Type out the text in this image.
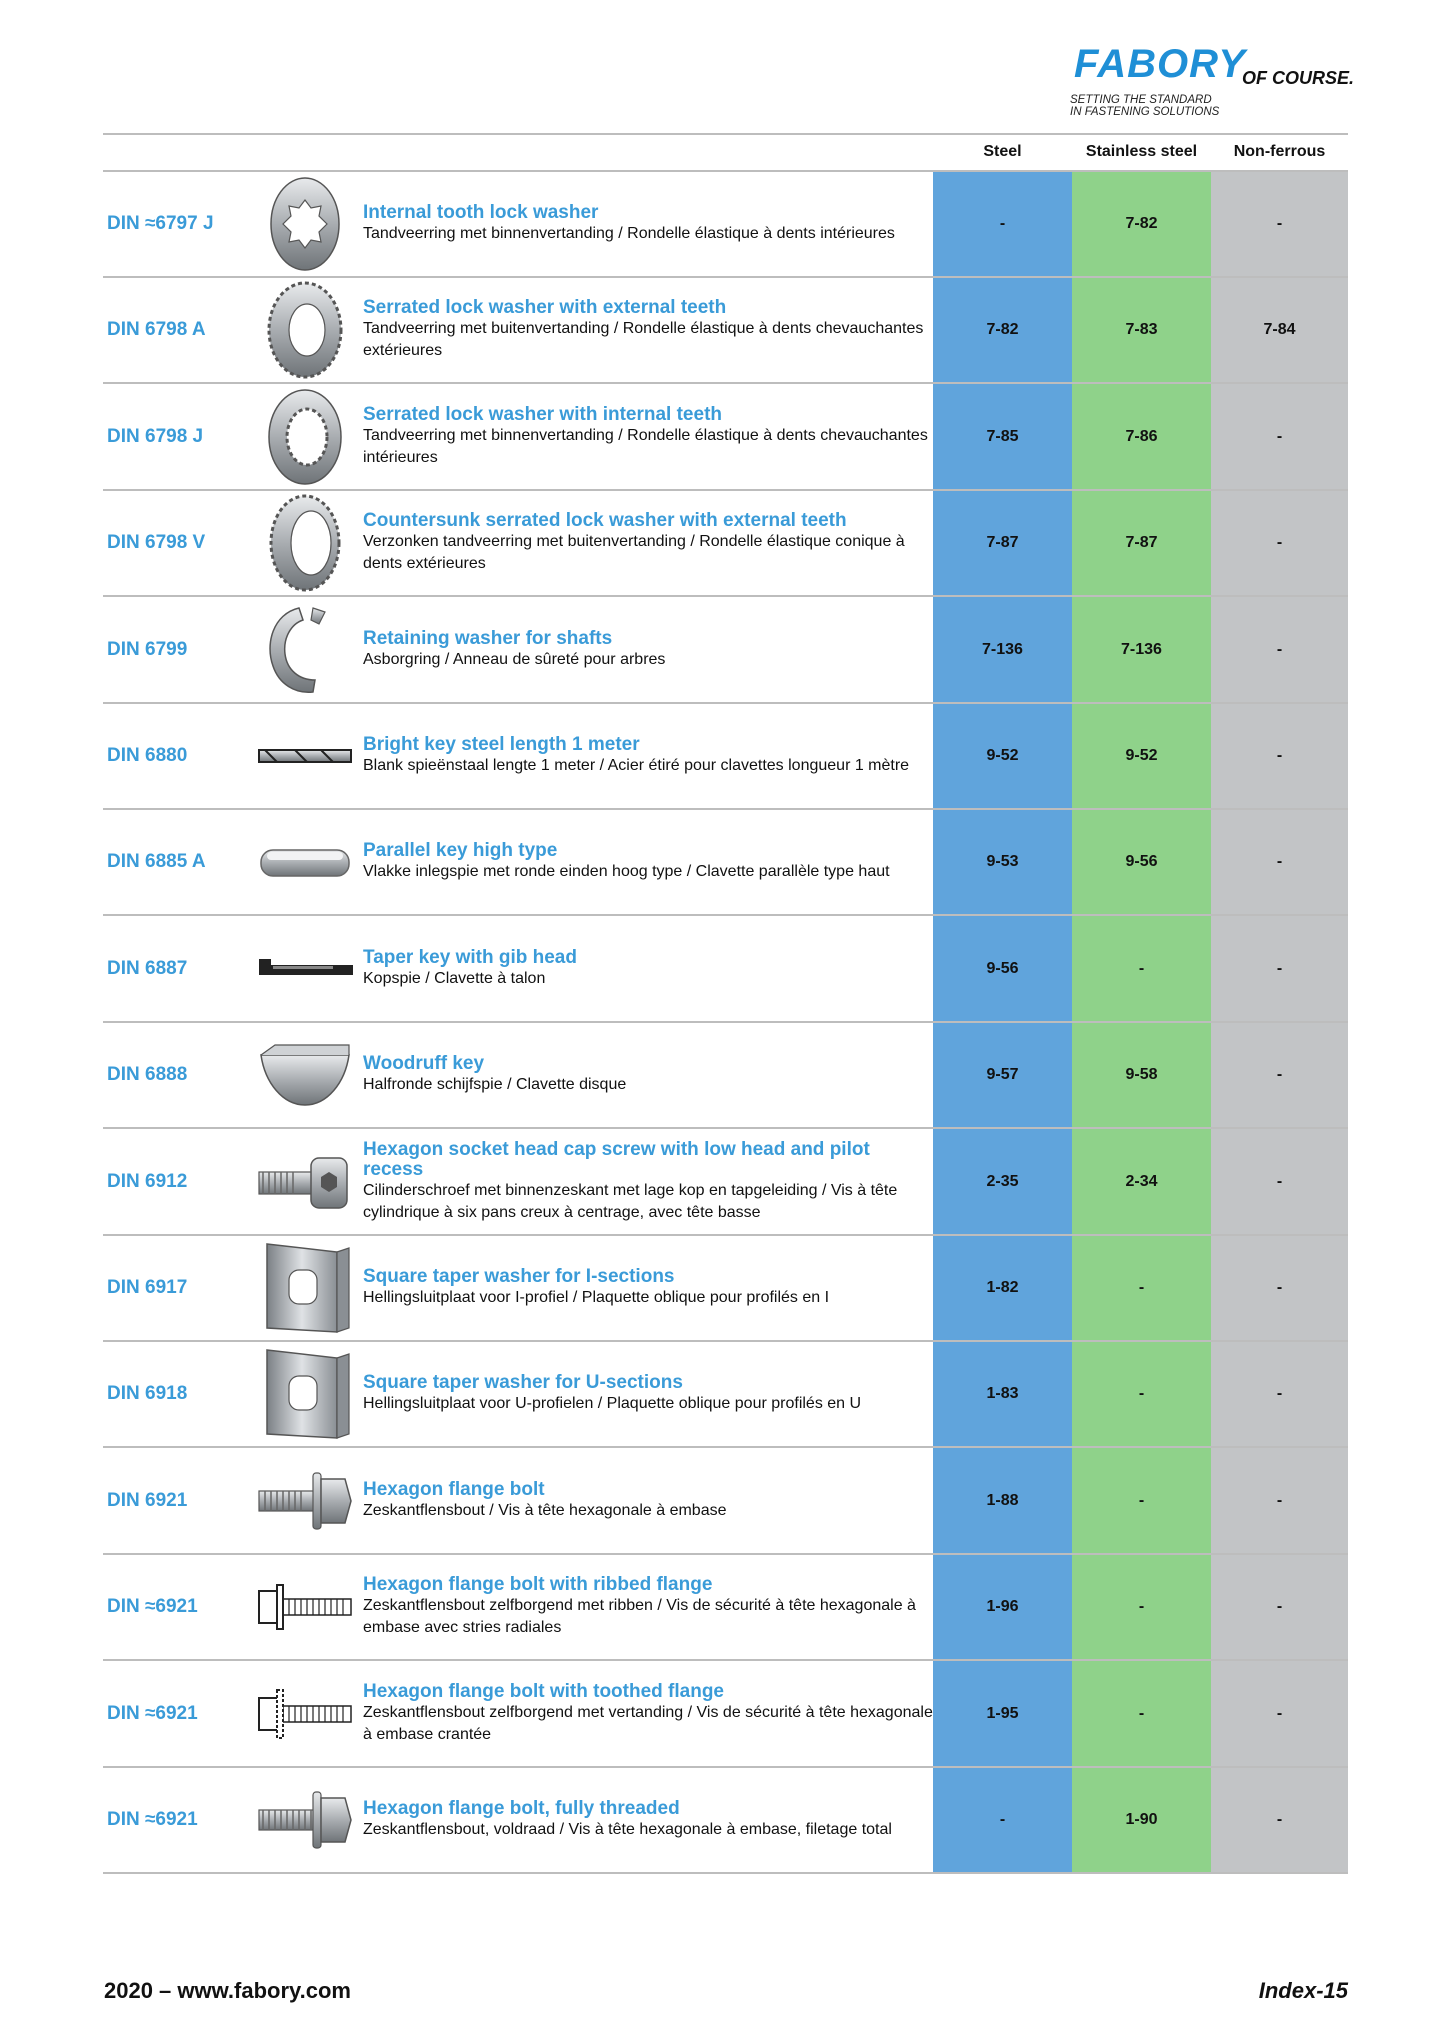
FABORY
OF COURSE.
SETTING THE STANDARD
IN FASTENING SOLUTIONS
Steel	Stainless steel	Non-ferrous
DIN ≈6797 J
Internal tooth lock washer
Tandveerring met binnenvertanding / Rondelle élastique à dents intérieures
-	7-82	-
DIN 6798 A
Serrated lock washer with external teeth
Tandveerring met buitenvertanding / Rondelle élastique à dents chevauchantes extérieures
7-82	7-83	7-84
DIN 6798 J
Serrated lock washer with internal teeth
Tandveerring met binnenvertanding / Rondelle élastique à dents chevauchantes intérieures
7-85	7-86	-
DIN 6798 V
Countersunk serrated lock washer with external teeth
Verzonken tandveerring met buitenvertanding / Rondelle élastique conique à dents extérieures
7-87	7-87	-
DIN 6799
Retaining washer for shafts
Asborgring / Anneau de sûreté pour arbres
7-136	7-136	-
DIN 6880
Bright key steel length 1 meter
Blank spieënstaal lengte 1 meter / Acier étiré pour clavettes longueur 1 mètre
9-52	9-52	-
DIN 6885 A
Parallel key high type
Vlakke inlegspie met ronde einden hoog type / Clavette parallèle type haut
9-53	9-56	-
DIN 6887
Taper key with gib head
Kopspie / Clavette à talon
9-56	-	-
DIN 6888
Woodruff key
Halfronde schijfspie / Clavette disque
9-57	9-58	-
DIN 6912
Hexagon socket head cap screw with low head and pilot recess
Cilinderschroef met binnenzeskant met lage kop en tapgeleiding / Vis à tête cylindrique à six pans creux à centrage, avec tête basse
2-35	2-34	-
DIN 6917
Square taper washer for I-sections
Hellingsluitplaat voor I-profiel / Plaquette oblique pour profilés en I
1-82	-	-
DIN 6918
Square taper washer for U-sections
Hellingsluitplaat voor U-profielen / Plaquette oblique pour profilés en U
1-83	-	-
DIN 6921
Hexagon flange bolt
Zeskantflensbout / Vis à tête hexagonale à embase
1-88	-	-
DIN ≈6921
Hexagon flange bolt with ribbed flange
Zeskantflensbout zelfborgend met ribben / Vis de sécurité à tête hexagonale à embase avec stries radiales
1-96	-	-
DIN ≈6921
Hexagon flange bolt with toothed flange
Zeskantflensbout zelfborgend met vertanding / Vis de sécurité à tête hexagonale à embase crantée
1-95	-	-
DIN ≈6921
Hexagon flange bolt, fully threaded
Zeskantflensbout, voldraad / Vis à tête hexagonale à embase, filetage total
-	1-90	-
2020 – www.fabory.com	Index-15
